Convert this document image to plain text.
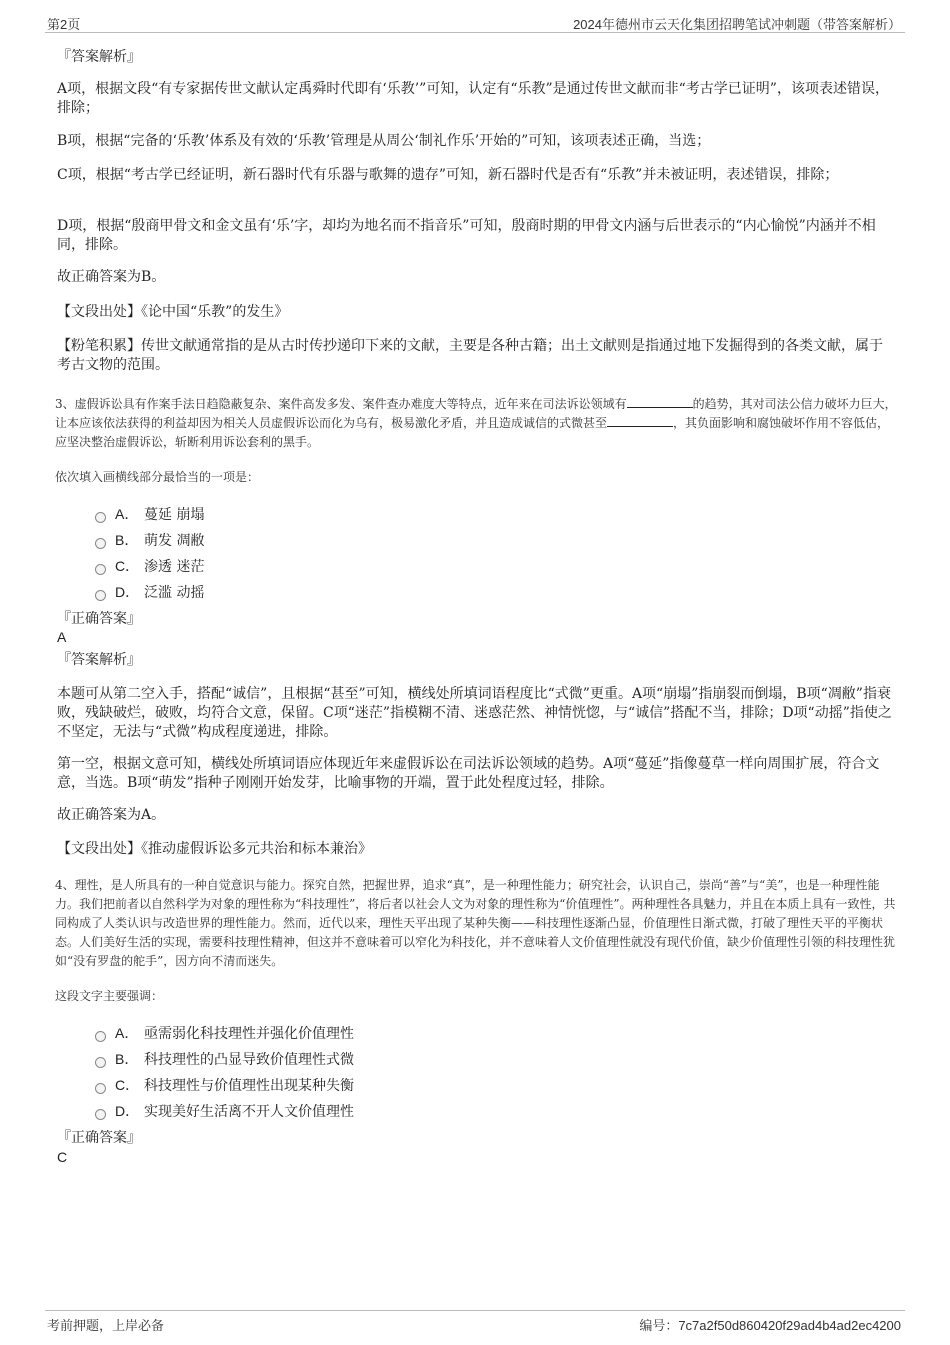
第2页	2024年德州市云天化集团招聘笔试冲刺题（带答案解析）
『答案解析』
A项，根据文段“有专家据传世文献认定禹舜时代即有‘乐教’”可知，认定有“乐教”是通过传世文献而非“考古学已证明”，该项表述错误，排除；
B项，根据“完备的‘乐教’体系及有效的‘乐教’管理是从周公‘制礼作乐’开始的”可知，该项表述正确，当选；
C项，根据“考古学已经证明，新石器时代有乐器与歌舞的遗存”可知，新石器时代是否有“乐教”并未被证明，表述错误，排除；
D项，根据“殷商甲骨文和金文虽有‘乐’字，却均为地名而不指音乐”可知，殷商时期的甲骨文内涵与后世表示的“内心愉悦”内涵并不相同，排除。
故正确答案为B。
【文段出处】《论中国“乐教”的发生》
【粉笔积累】传世文献通常指的是从古时传抄递印下来的文献，主要是各种古籍；出土文献则是指通过地下发掘得到的各类文献，属于考古文物的范围。
3、虚假诉讼具有作案手法日趋隐蔽复杂、案件高发多发、案件查办难度大等特点，近年来在司法诉讼领域有	的趋势，其对司法公信力破坏力巨大，让本应该依法获得的利益却因为相关人员虚假诉讼而化为乌有，极易激化矛盾，并且造成诚信的式微甚至	，其负面影响和腐蚀破坏作用不容低估，应坚决整治虚假诉讼，斩断利用诉讼套利的黑手。
依次填入画横线部分最恰当的一项是：
A． 蔓延 崩塌
B． 萌发 凋敝
C． 渗透 迷茫
D． 泛滥 动摇
『正确答案』
A
『答案解析』
本题可从第二空入手，搭配“诚信”，且根据“甚至”可知，横线处所填词语程度比“式微”更重。A项“崩塌”指崩裂而倒塌，B项“凋敝”指衰败，残缺破烂，破败，均符合文意，保留。C项“迷茫”指模糊不清、迷惑茫然、神情恍惚，与“诚信”搭配不当，排除；D项“动摇”指使之不坚定，无法与“式微”构成程度递进，排除。
第一空，根据文意可知，横线处所填词语应体现近年来虚假诉讼在司法诉讼领域的趋势。A项“蔓延”指像蔓草一样向周围扩展，符合文意，当选。B项“萌发”指种子刚刚开始发芽，比喻事物的开端，置于此处程度过轻，排除。
故正确答案为A。
【文段出处】《推动虚假诉讼多元共治和标本兼治》
4、理性，是人所具有的一种自觉意识与能力。探究自然，把握世界，追求“真”，是一种理性能力；研究社会，认识自己，崇尚“善”与“美”，也是一种理性能力。我们把前者以自然科学为对象的理性称为“科技理性”，将后者以社会人文为对象的理性称为“价值理性”。两种理性各具魅力，并且在本质上具有一致性，共同构成了人类认识与改造世界的理性能力。然而，近代以来，理性天平出现了某种失衡——科技理性逐渐凸显，价值理性日渐式微，打破了理性天平的平衡状态。人们美好生活的实现，需要科技理性精神，但这并不意味着可以窄化为科技化，并不意味着人文价值理性就没有现代价值，缺少价值理性引领的科技理性犹如“没有罗盘的舵手”，因方向不清而迷失。
这段文字主要强调：
A． 亟需弱化科技理性并强化价值理性
B． 科技理性的凸显导致价值理性式微
C． 科技理性与价值理性出现某种失衡
D． 实现美好生活离不开人文价值理性
『正确答案』
C
考前押题，上岸必备	编号：7c7a2f50d860420f29ad4b4ad2ec4200
